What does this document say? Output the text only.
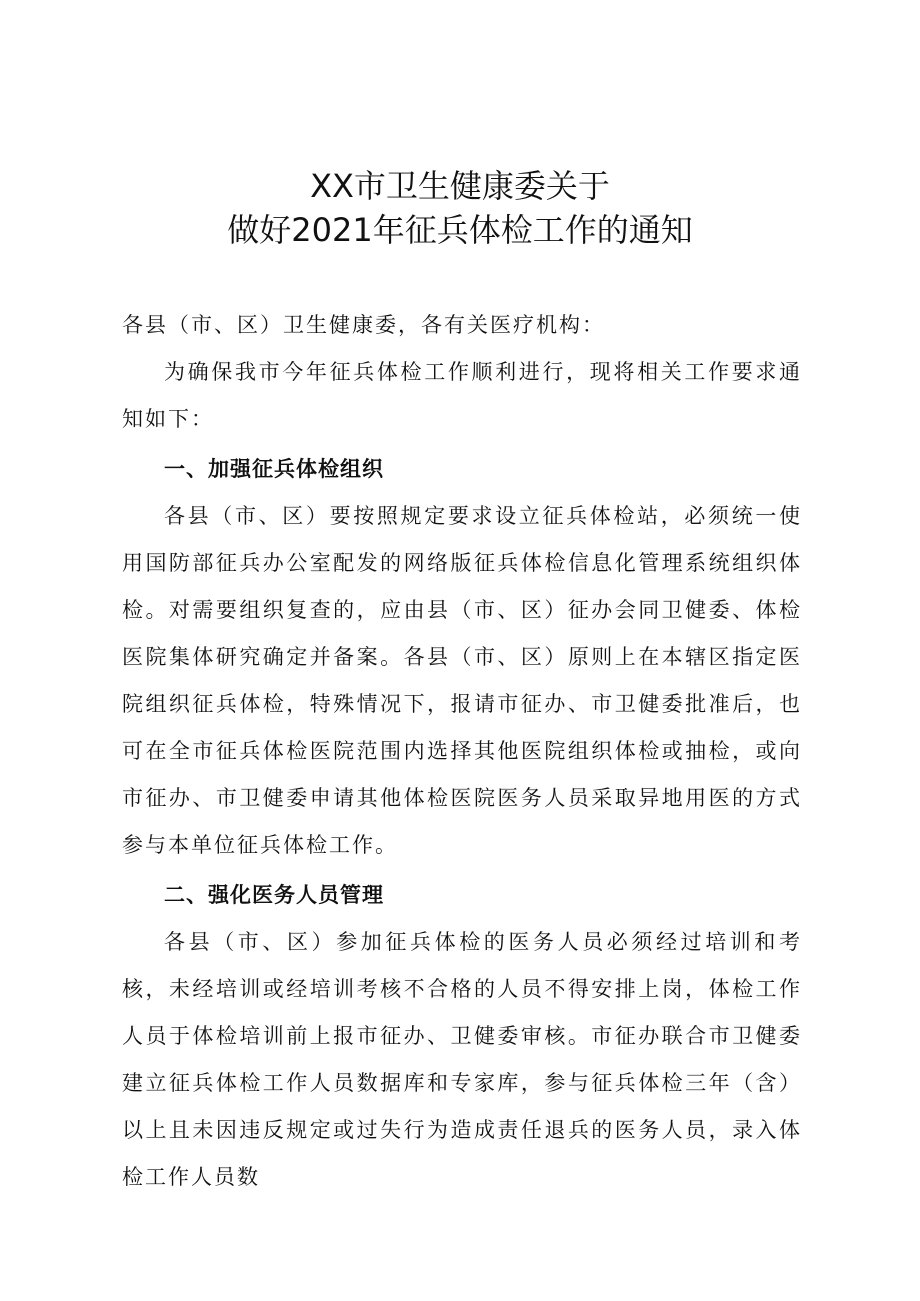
XX市卫生健康委关于
做好2021年征兵体检工作的通知

各县（市、区）卫生健康委，各有关医疗机构：

为确保我市今年征兵体检工作顺利进行，现将相关工作要求通知如下：

一、加强征兵体检组织

各县（市、区）要按照规定要求设立征兵体检站，必须统一使用国防部征兵办公室配发的网络版征兵体检信息化管理系统组织体检。对需要组织复查的，应由县（市、区）征办会同卫健委、体检医院集体研究确定并备案。各县（市、区）原则上在本辖区指定医院组织征兵体检，特殊情况下，报请市征办、市卫健委批准后，也可在全市征兵体检医院范围内选择其他医院组织体检或抽检，或向市征办、市卫健委申请其他体检医院医务人员采取异地用医的方式参与本单位征兵体检工作。

二、强化医务人员管理

各县（市、区）参加征兵体检的医务人员必须经过培训和考核，未经培训或经培训考核不合格的人员不得安排上岗，体检工作人员于体检培训前上报市征办、卫健委审核。市征办联合市卫健委建立征兵体检工作人员数据库和专家库，参与征兵体检三年（含）以上且未因违反规定或过失行为造成责任退兵的医务人员，录入体检工作人员数
